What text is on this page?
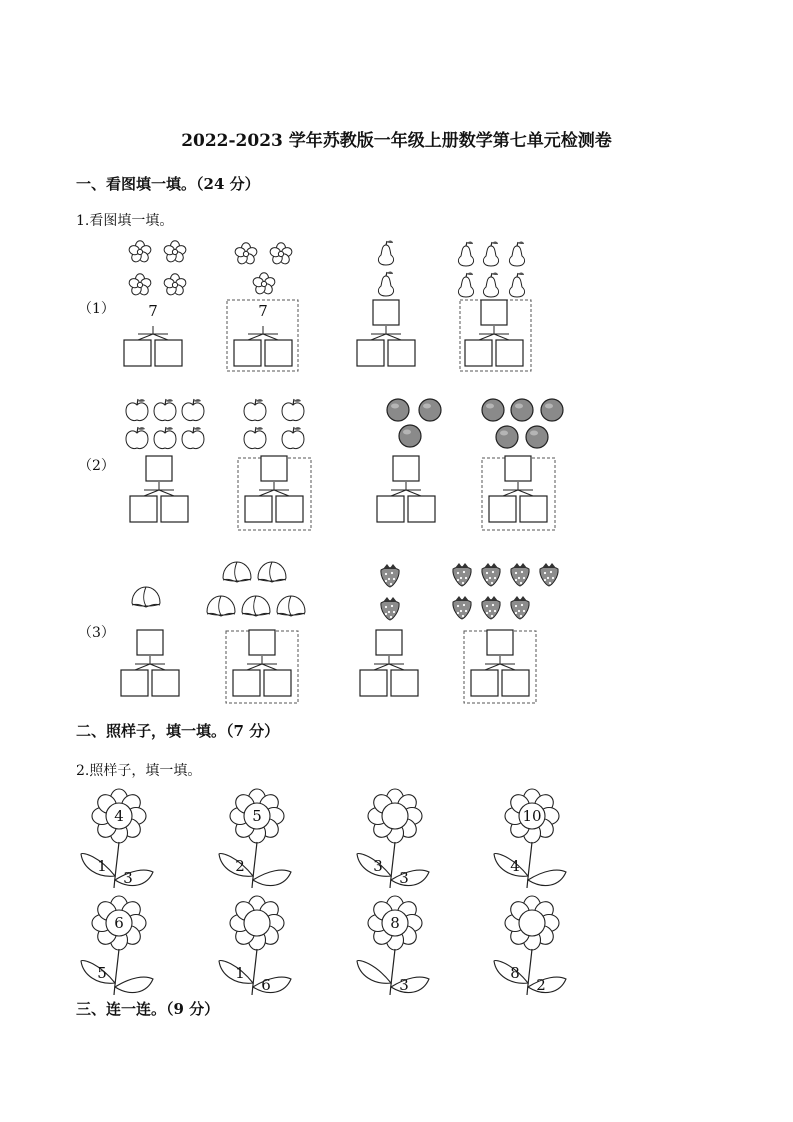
2022-2023 学年苏教版一年级上册数学第七单元检测卷
一、看图填一填。（24 分）
1.看图填一填。
（1）
（2）
（3）
二、照样子，填一填。（7 分）
2.照样子，填一填。
三、连一连。（9 分）
7	7
4
1
3
5
2	3
3
10
4
6
5	1
6
8
3
8
2
